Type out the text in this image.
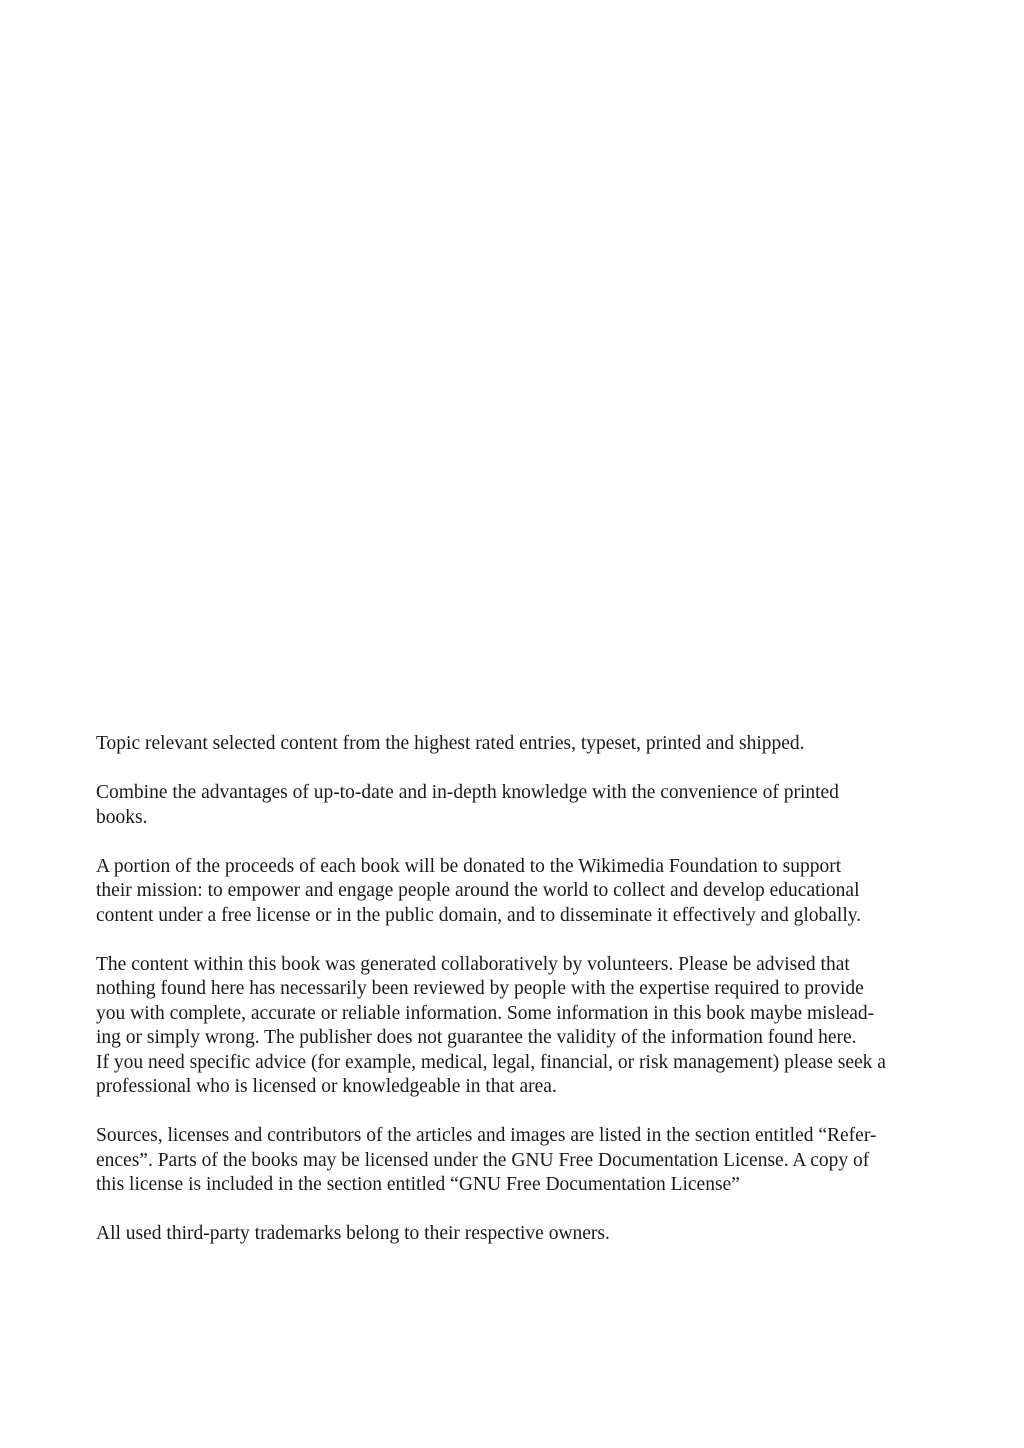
Topic relevant selected content from the highest rated entries, typeset, printed and shipped.

Combine the advantages of up-to-date and in-depth knowledge with the convenience of printed
books.

A portion of the proceeds of each book will be donated to the Wikimedia Foundation to support
their mission: to empower and engage people around the world to collect and develop educational
content under a free license or in the public domain, and to disseminate it effectively and globally.

The content within this book was generated collaboratively by volunteers. Please be advised that
nothing found here has necessarily been reviewed by people with the expertise required to provide
you with complete, accurate or reliable information. Some information in this book maybe mislead-
ing or simply wrong. The publisher does not guarantee the validity of the information found here.
If you need specific advice (for example, medical, legal, financial, or risk management) please seek a
professional who is licensed or knowledgeable in that area.

Sources, licenses and contributors of the articles and images are listed in the section entitled “Refer-
ences”. Parts of the books may be licensed under the GNU Free Documentation License. A copy of
this license is included in the section entitled “GNU Free Documentation License”

All used third-party trademarks belong to their respective owners.
